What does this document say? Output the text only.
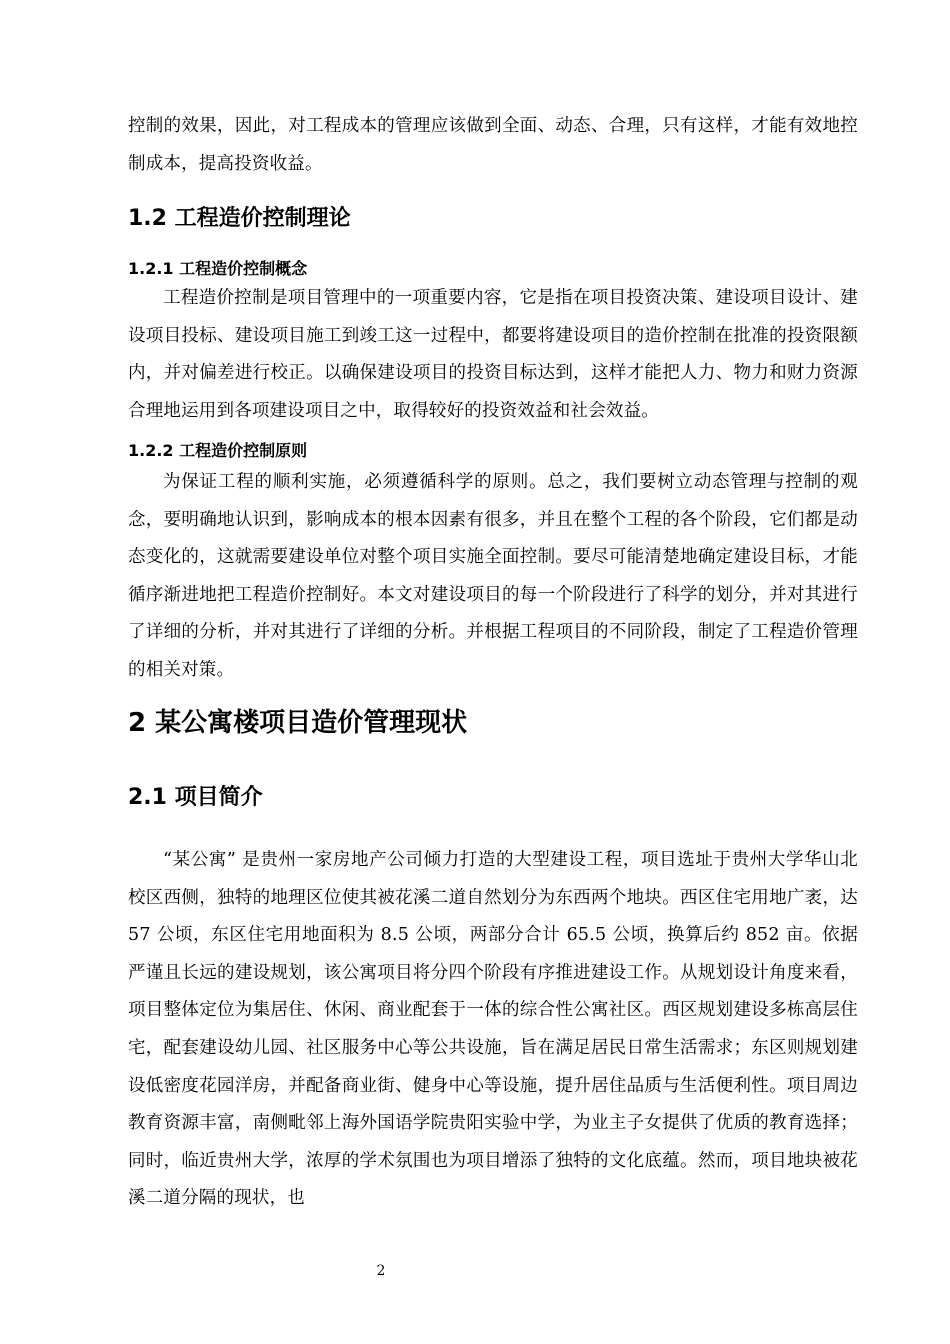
控制的效果，因此，对工程成本的管理应该做到全面、动态、合理，只有这样，才能有效地控制成本，提高投资收益。

1.2 工程造价控制理论
1.2.1 工程造价控制概念

工程造价控制是项目管理中的一项重要内容，它是指在项目投资决策、建设项目设计、建设项目投标、建设项目施工到竣工这一过程中，都要将建设项目的造价控制在批准的投资限额内，并对偏差进行校正。以确保建设项目的投资目标达到，这样才能把人力、物力和财力资源合理地运用到各项建设项目之中，取得较好的投资效益和社会效益。

1.2.2 工程造价控制原则

为保证工程的顺利实施，必须遵循科学的原则。总之，我们要树立动态管理与控制的观念，要明确地认识到，影响成本的根本因素有很多，并且在整个工程的各个阶段，它们都是动态变化的，这就需要建设单位对整个项目实施全面控制。要尽可能清楚地确定建设目标，才能循序渐进地把工程造价控制好。本文对建设项目的每一个阶段进行了科学的划分，并对其进行了详细的分析，并对其进行了详细的分析。并根据工程项目的不同阶段，制定了工程造价管理的相关对策。

2 某公寓楼项目造价管理现状
2.1 项目简介

“某公寓” 是贵州一家房地产公司倾力打造的大型建设工程，项目选址于贵州大学华山北校区西侧，独特的地理区位使其被花溪二道自然划分为东西两个地块。西区住宅用地广袤，达 57 公顷，东区住宅用地面积为 8.5 公顷，两部分合计 65.5 公顷，换算后约 852 亩。依据严谨且长远的建设规划，该公寓项目将分四个阶段有序推进建设工作。从规划设计角度来看，项目整体定位为集居住、休闲、商业配套于一体的综合性公寓社区。西区规划建设多栋高层住宅，配套建设幼儿园、社区服务中心等公共设施，旨在满足居民日常生活需求；东区则规划建设低密度花园洋房，并配备商业街、健身中心等设施，提升居住品质与生活便利性。项目周边教育资源丰富，南侧毗邻上海外国语学院贵阳实验中学，为业主子女提供了优质的教育选择；同时，临近贵州大学，浓厚的学术氛围也为项目增添了独特的文化底蕴。然而，项目地块被花溪二道分隔的现状，也

2
